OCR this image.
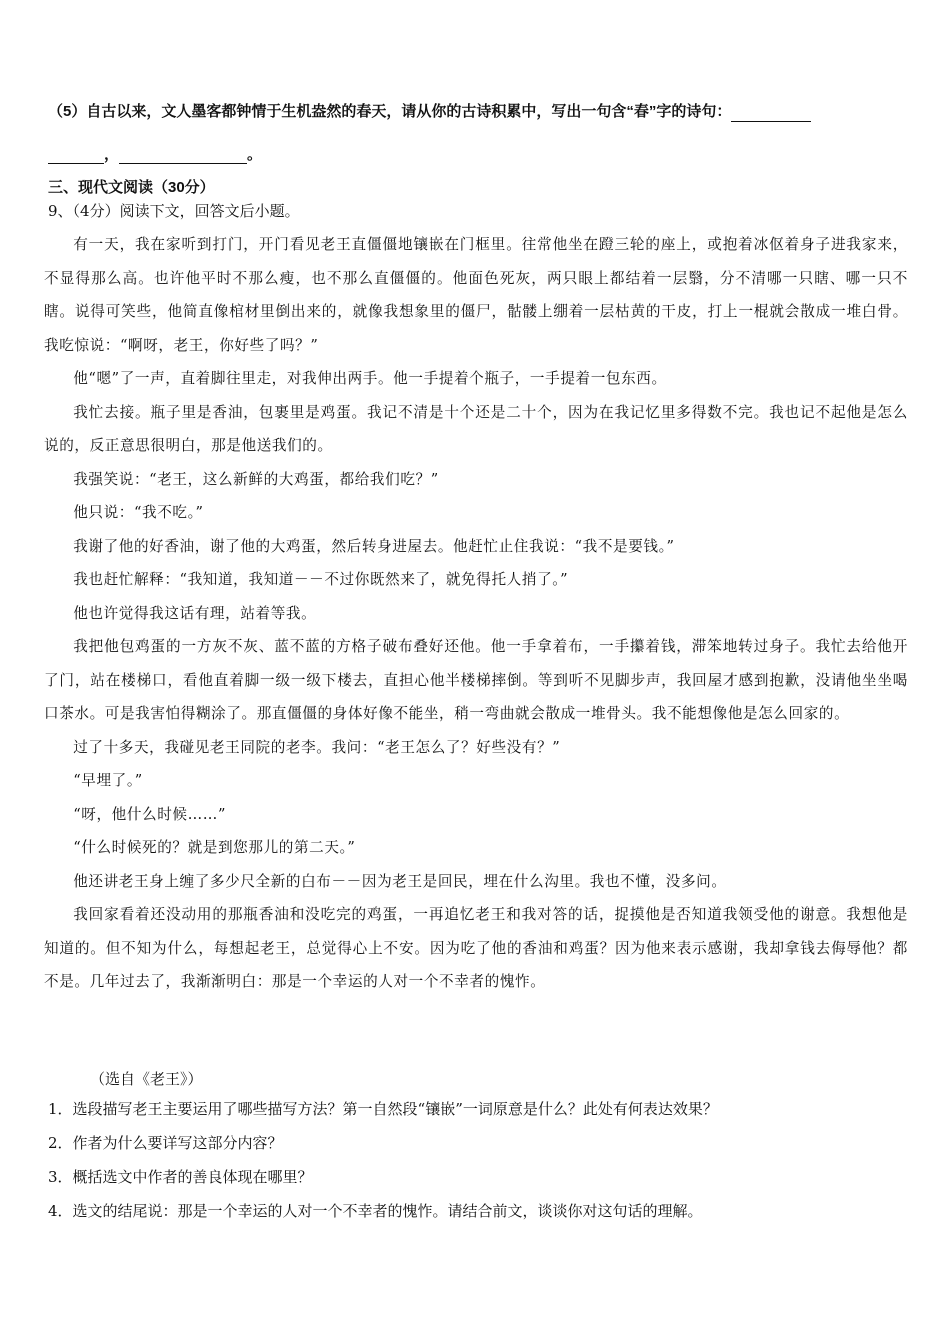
（5）自古以来，文人墨客都钟情于生机盎然的春天，请从你的古诗积累中，写出一句含“春”字的诗句：
，	。
三、现代文阅读（30分）
9、（4分）阅读下文，回答文后小题。

有一天，我在家听到打门，开门看见老王直僵僵地镶嵌在门框里。往常他坐在蹬三轮的座上，或抱着冰伛着身子进我家来，不显得那么高。也许他平时不那么瘦，也不那么直僵僵的。他面色死灰，两只眼上都结着一层翳，分不清哪一只瞎、哪一只不瞎。说得可笑些，他简直像棺材里倒出来的，就像我想象里的僵尸，骷髅上绷着一层枯黄的干皮，打上一棍就会散成一堆白骨。我吃惊说：“啊呀，老王，你好些了吗？”

他“嗯”了一声，直着脚往里走，对我伸出两手。他一手提着个瓶子，一手提着一包东西。

我忙去接。瓶子里是香油，包裹里是鸡蛋。我记不清是十个还是二十个，因为在我记忆里多得数不完。我也记不起他是怎么说的，反正意思很明白，那是他送我们的。

我强笑说：“老王，这么新鲜的大鸡蛋，都给我们吃？”

他只说：“我不吃。”

我谢了他的好香油，谢了他的大鸡蛋，然后转身进屋去。他赶忙止住我说：“我不是要钱。”

我也赶忙解释：“我知道，我知道－－不过你既然来了，就免得托人捎了。”

他也许觉得我这话有理，站着等我。

我把他包鸡蛋的一方灰不灰、蓝不蓝的方格子破布叠好还他。他一手拿着布，一手攥着钱，滞笨地转过身子。我忙去给他开了门，站在楼梯口，看他直着脚一级一级下楼去，直担心他半楼梯摔倒。等到听不见脚步声，我回屋才感到抱歉，没请他坐坐喝口茶水。可是我害怕得糊涂了。那直僵僵的身体好像不能坐，稍一弯曲就会散成一堆骨头。我不能想像他是怎么回家的。

过了十多天，我碰见老王同院的老李。我问：“老王怎么了？好些没有？”

“早埋了。”

“呀，他什么时候……”

“什么时候死的？就是到您那儿的第二天。”

他还讲老王身上缠了多少尺全新的白布－－因为老王是回民，埋在什么沟里。我也不懂，没多问。

我回家看着还没动用的那瓶香油和没吃完的鸡蛋，一再追忆老王和我对答的话，捉摸他是否知道我领受他的谢意。我想他是知道的。但不知为什么，每想起老王，总觉得心上不安。因为吃了他的香油和鸡蛋？因为他来表示感谢，我却拿钱去侮辱他？都不是。几年过去了，我渐渐明白：那是一个幸运的人对一个不幸者的愧怍。

（选自《老王》）
1．选段描写老王主要运用了哪些描写方法？第一自然段“镶嵌”一词原意是什么？此处有何表达效果？
2．作者为什么要详写这部分内容？
3．概括选文中作者的善良体现在哪里？
4．选文的结尾说：那是一个幸运的人对一个不幸者的愧怍。请结合前文，谈谈你对这句话的理解。
